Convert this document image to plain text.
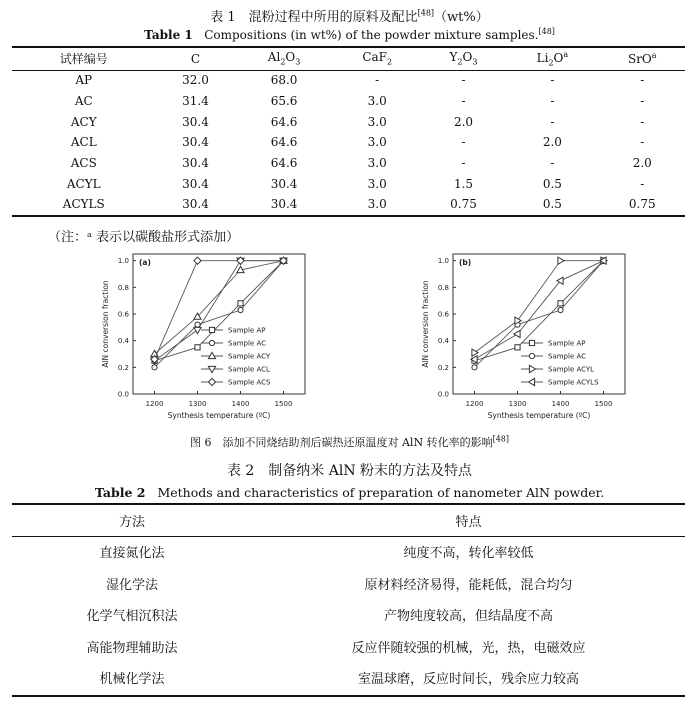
表 1　混粉过程中所用的原料及配比[48]（wt%）
Table 1 Compositions (in wt%) of the powder mixture samples.[48]
试样编号	C	$Al_2O_3$	CaF$_2$	$Y_2O_3$	$Li_2O^a$	SrO$^a$
AP	32.0	68.0	-	-	-	-
AC	31.4	65.6	3.0	-	-	-
ACY	30.4	64.6	3.0	2.0	-	-
ACL	30.4	64.6	3.0	-	2.0	-
ACS	30.4	64.6	3.0	-	-	2.0
ACYL	30.4	30.4	3.0	1.5	0.5	-
ACYLS	30.4	30.4	3.0	0.75	0.5	0.75
（注：ᵃ 表示以碳酸盐形式添加）
1200	1300	1400	1500
0.0
0.2
0.4
0.6
0.8
1.0
Synthesis temperature (ºC)
AlN conversion fraction
(a)
Sample AP
Sample AC
Sample ACY
Sample ACL
Sample ACS
1200	1300	1400	1500
0.0
0.2
0.4
0.6
0.8
1.0
Synthesis temperature (ºC)
AlN conversion fraction
(b)
Sample AP
Sample AC
Sample ACYL
Sample ACYLS
图 6　添加不同烧结助剂后碳热还原温度对 AlN 转化率的影响[48]
表 2　制备纳米 AlN 粉末的方法及特点
Table 2 Methods and characteristics of preparation of nanometer AlN powder.
方法	特点
直接氮化法	纯度不高，转化率较低
湿化学法	原材料经济易得，能耗低，混合均匀
化学气相沉积法	产物纯度较高，但结晶度不高
高能物理辅助法	反应伴随较强的机械，光，热，电磁效应
机械化学法	室温球磨，反应时间长，残余应力较高
